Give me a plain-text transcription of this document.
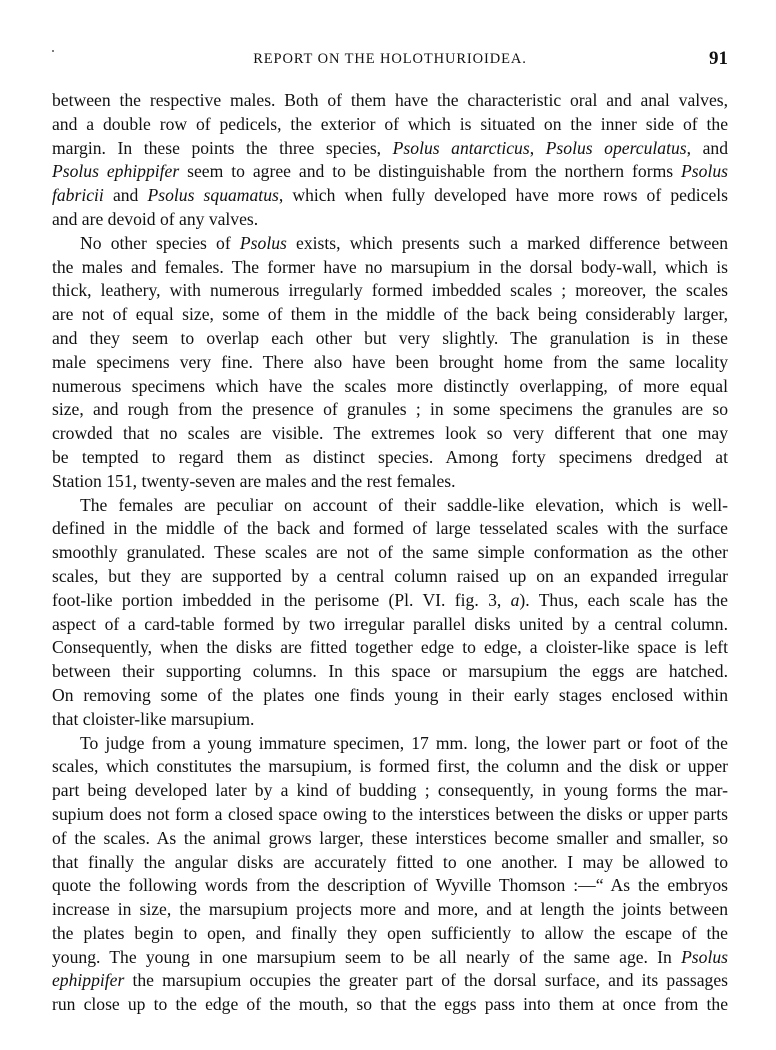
REPORT ON THE HOLOTHURIOIDEA.	91
between the respective males. Both of them have the characteristic oral and anal valves,
and a double row of pedicels, the exterior of which is situated on the inner side of the
margin. In these points the three species, Psolus antarcticus, Psolus operculatus, and
Psolus ephippifer seem to agree and to be distinguishable from the northern forms Psolus
fabricii and Psolus squamatus, which when fully developed have more rows of pedicels
and are devoid of any valves.
No other species of Psolus exists, which presents such a marked difference between
the males and females. The former have no marsupium in the dorsal body-wall, which is
thick, leathery, with numerous irregularly formed imbedded scales ; moreover, the scales
are not of equal size, some of them in the middle of the back being considerably larger,
and they seem to overlap each other but very slightly. The granulation is in these
male specimens very fine. There also have been brought home from the same locality
numerous specimens which have the scales more distinctly overlapping, of more equal
size, and rough from the presence of granules ; in some specimens the granules are so
crowded that no scales are visible. The extremes look so very different that one may
be tempted to regard them as distinct species. Among forty specimens dredged at
Station 151, twenty-seven are males and the rest females.
The females are peculiar on account of their saddle-like elevation, which is well-
defined in the middle of the back and formed of large tesselated scales with the surface
smoothly granulated. These scales are not of the same simple conformation as the other
scales, but they are supported by a central column raised up on an expanded irregular
foot-like portion imbedded in the perisome (Pl. VI. fig. 3, a). Thus, each scale has the
aspect of a card-table formed by two irregular parallel disks united by a central column.
Consequently, when the disks are fitted together edge to edge, a cloister-like space is left
between their supporting columns. In this space or marsupium the eggs are hatched.
On removing some of the plates one finds young in their early stages enclosed within
that cloister-like marsupium.
To judge from a young immature specimen, 17 mm. long, the lower part or foot of the
scales, which constitutes the marsupium, is formed first, the column and the disk or upper
part being developed later by a kind of budding ; consequently, in young forms the mar-
supium does not form a closed space owing to the interstices between the disks or upper parts
of the scales. As the animal grows larger, these interstices become smaller and smaller, so
that finally the angular disks are accurately fitted to one another. I may be allowed to
quote the following words from the description of Wyville Thomson :—“ As the embryos
increase in size, the marsupium projects more and more, and at length the joints between
the plates begin to open, and finally they open sufficiently to allow the escape of the
young. The young in one marsupium seem to be all nearly of the same age. In Psolus
ephippifer the marsupium occupies the greater part of the dorsal surface, and its passages
run close up to the edge of the mouth, so that the eggs pass into them at once from the
